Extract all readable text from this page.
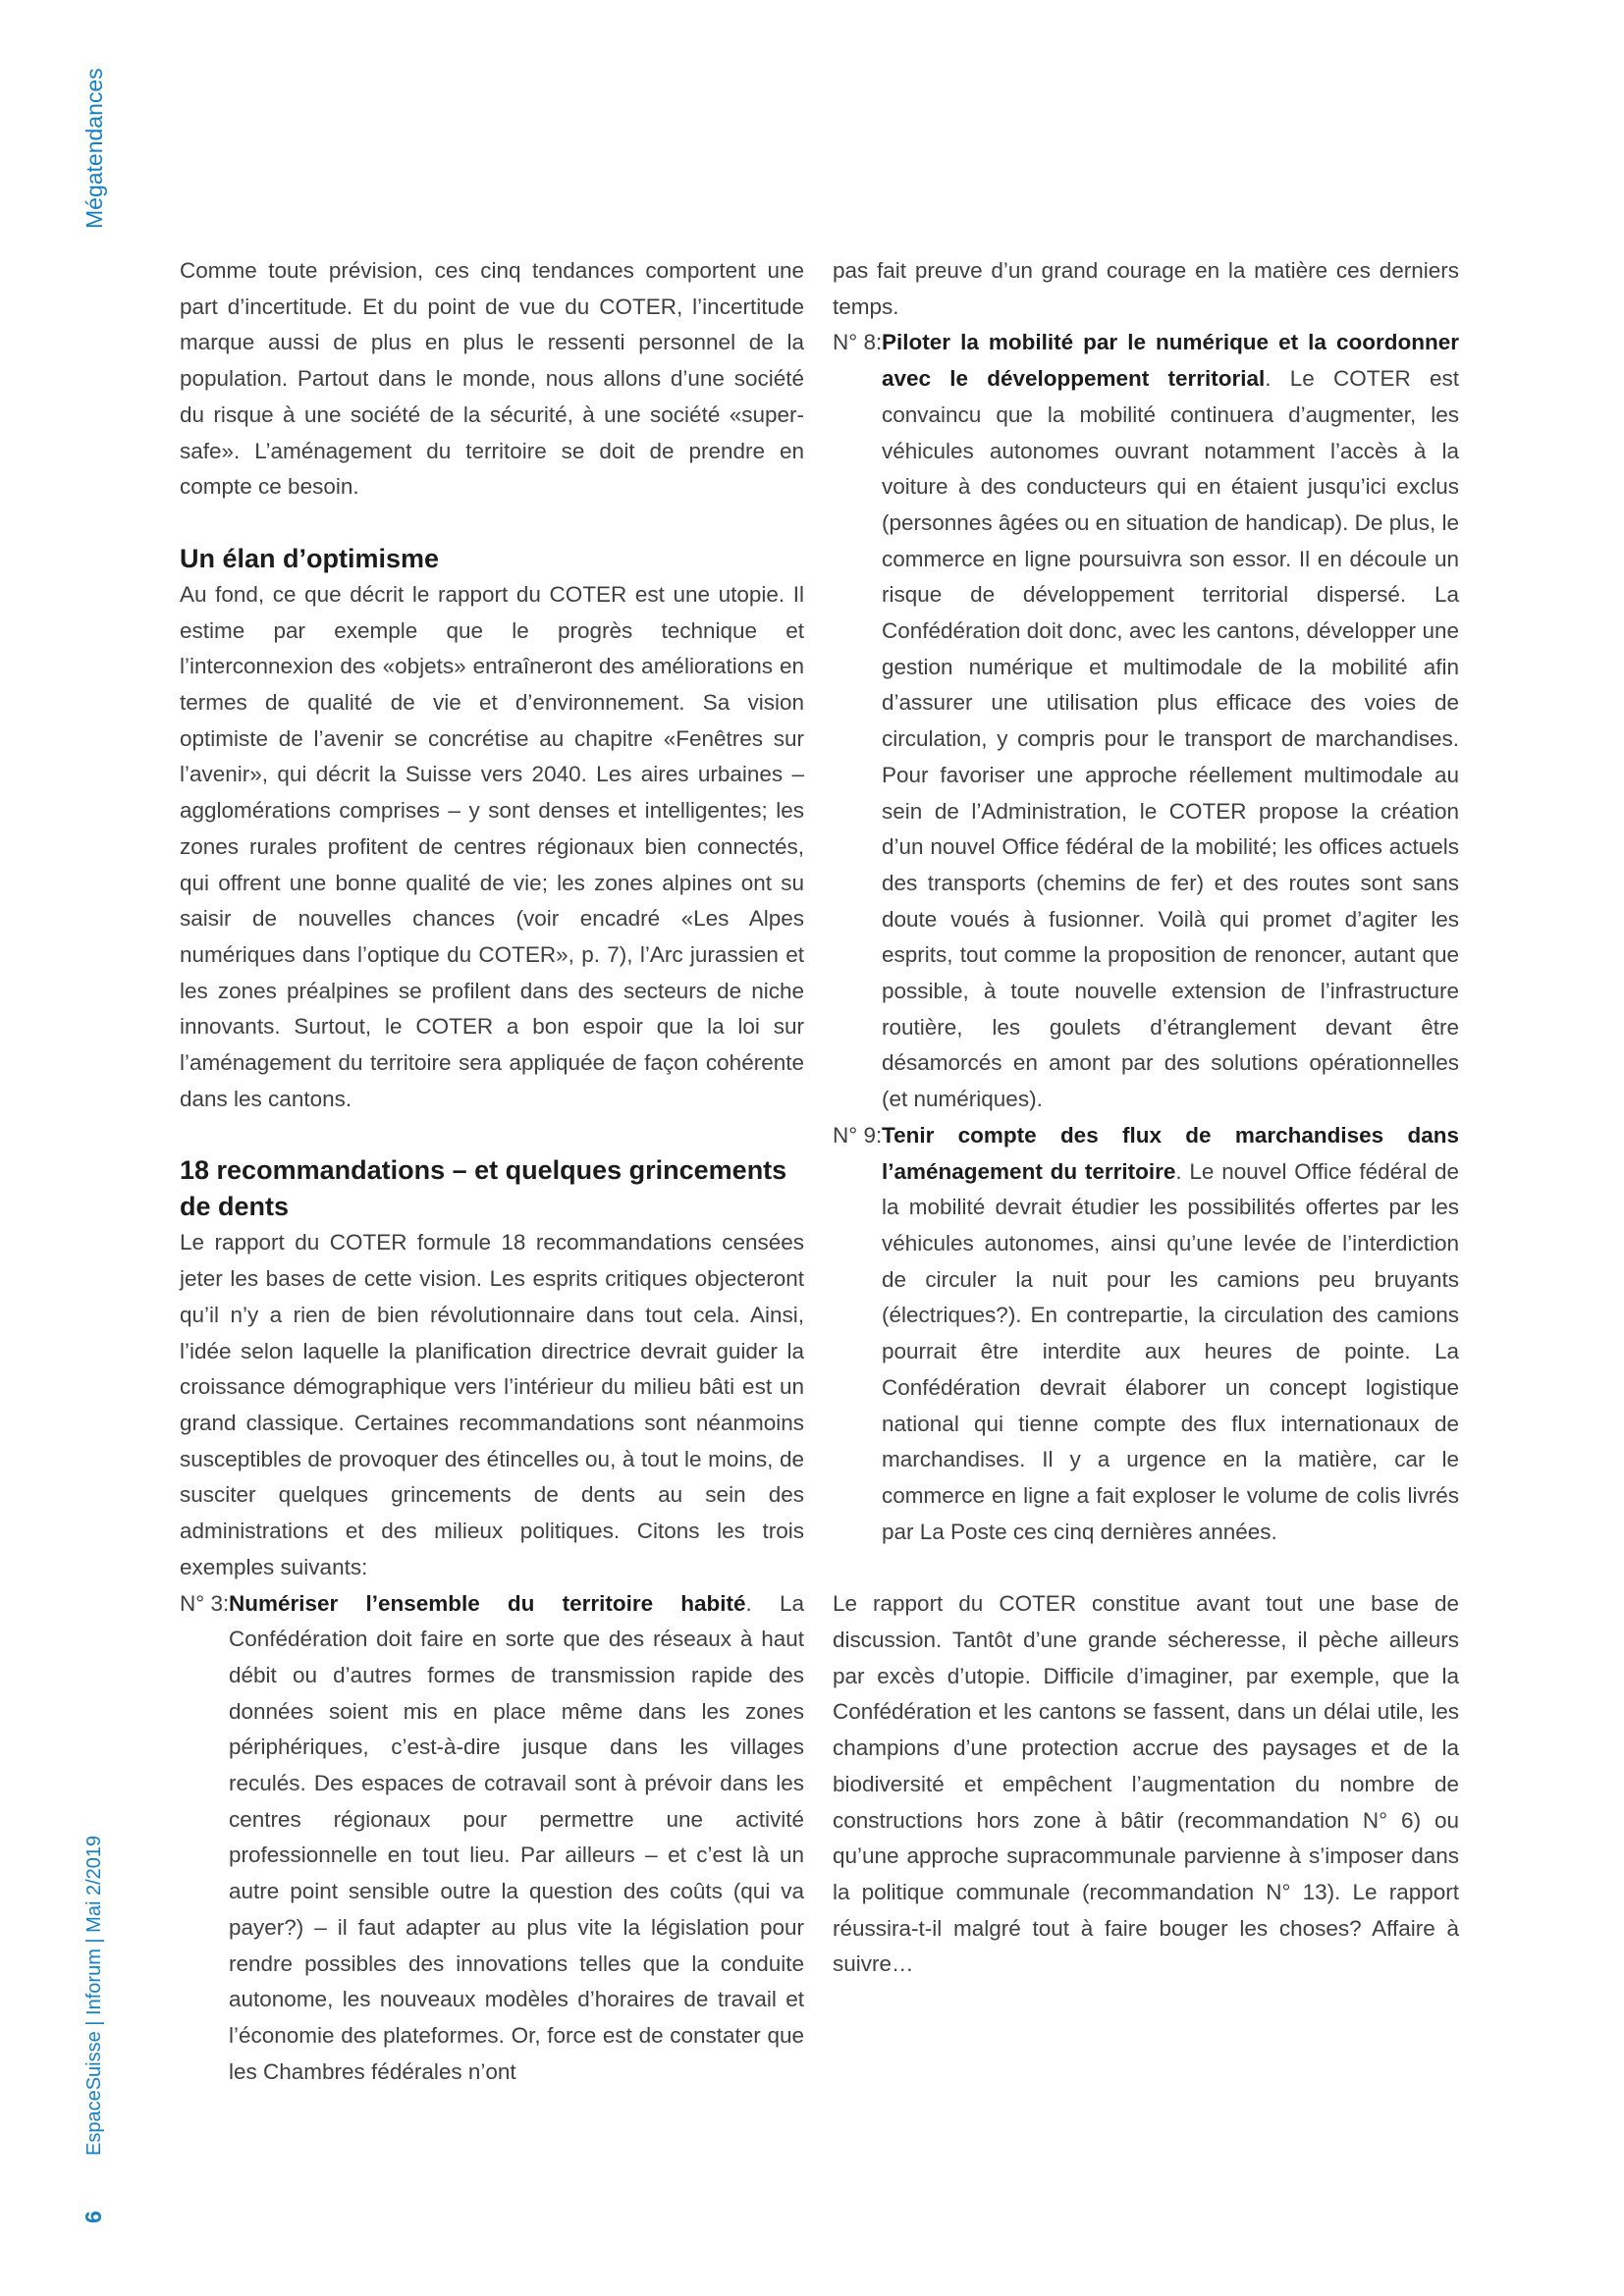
Mégatendances
EspaceSuisse | Inforum | Mai 2/2019
6

Comme toute prévision, ces cinq tendances comportent une part d’incertitude. Et du point de vue du COTER, l’incertitude marque aussi de plus en plus le ressenti personnel de la population. Partout dans le monde, nous allons d’une société du risque à une société de la sécurité, à une société «super-safe». L’aménagement du territoire se doit de prendre en compte ce besoin.

Un élan d’optimisme

Au fond, ce que décrit le rapport du COTER est une utopie. Il estime par exemple que le progrès technique et l’interconnexion des «objets» entraîneront des améliorations en termes de qualité de vie et d’environnement. Sa vision optimiste de l’avenir se concrétise au chapitre «Fenêtres sur l’avenir», qui décrit la Suisse vers 2040. Les aires urbaines – agglomérations comprises – y sont denses et intelligentes; les zones rurales profitent de centres régionaux bien connectés, qui offrent une bonne qualité de vie; les zones alpines ont su saisir de nouvelles chances (voir encadré «Les Alpes numériques dans l’optique du COTER», p. 7), l’Arc jurassien et les zones préalpines se profilent dans des secteurs de niche innovants. Surtout, le COTER a bon espoir que la loi sur l’aménagement du territoire sera appliquée de façon cohérente dans les cantons.

18 recommandations – et quelques grincements de dents

Le rapport du COTER formule 18 recommandations censées jeter les bases de cette vision. Les esprits critiques objecteront qu’il n’y a rien de bien révolutionnaire dans tout cela. Ainsi, l’idée selon laquelle la planification directrice devrait guider la croissance démographique vers l’intérieur du milieu bâti est un grand classique. Certaines recommandations sont néanmoins susceptibles de provoquer des étincelles ou, à tout le moins, de susciter quelques grincements de dents au sein des administrations et des milieux politiques. Citons les trois exemples suivants:

N° 3: Numériser l’ensemble du territoire habité. La Confédération doit faire en sorte que des réseaux à haut débit ou d’autres formes de transmission rapide des données soient mis en place même dans les zones périphériques, c’est-à-dire jusque dans les villages reculés. Des espaces de cotravail sont à prévoir dans les centres régionaux pour permettre une activité professionnelle en tout lieu. Par ailleurs – et c’est là un autre point sensible outre la question des coûts (qui va payer?) – il faut adapter au plus vite la législation pour rendre possibles des innovations telles que la conduite autonome, les nouveaux modèles d’horaires de travail et l’économie des plateformes. Or, force est de constater que les Chambres fédérales n’ont

pas fait preuve d’un grand courage en la matière ces derniers temps.

N° 8: Piloter la mobilité par le numérique et la coordonner avec le développement territorial. Le COTER est convaincu que la mobilité continuera d’augmenter, les véhicules autonomes ouvrant notamment l’accès à la voiture à des conducteurs qui en étaient jusqu’ici exclus (personnes âgées ou en situation de handicap). De plus, le commerce en ligne poursuivra son essor. Il en découle un risque de développement territorial dispersé. La Confédération doit donc, avec les cantons, développer une gestion numérique et multimodale de la mobilité afin d’assurer une utilisation plus efficace des voies de circulation, y compris pour le transport de marchandises. Pour favoriser une approche réellement multimodale au sein de l’Administration, le COTER propose la création d’un nouvel Office fédéral de la mobilité; les offices actuels des transports (chemins de fer) et des routes sont sans doute voués à fusionner. Voilà qui promet d’agiter les esprits, tout comme la proposition de renoncer, autant que possible, à toute nouvelle extension de l’infrastructure routière, les goulets d’étranglement devant être désamorcés en amont par des solutions opérationnelles (et numériques).

N° 9: Tenir compte des flux de marchandises dans l’aménagement du territoire. Le nouvel Office fédéral de la mobilité devrait étudier les possibilités offertes par les véhicules autonomes, ainsi qu’une levée de l’interdiction de circuler la nuit pour les camions peu bruyants (électriques?). En contrepartie, la circulation des camions pourrait être interdite aux heures de pointe. La Confédération devrait élaborer un concept logistique national qui tienne compte des flux internationaux de marchandises. Il y a urgence en la matière, car le commerce en ligne a fait exploser le volume de colis livrés par La Poste ces cinq dernières années.

Le rapport du COTER constitue avant tout une base de discussion. Tantôt d’une grande sécheresse, il pèche ailleurs par excès d’utopie. Difficile d’imaginer, par exemple, que la Confédération et les cantons se fassent, dans un délai utile, les champions d’une protection accrue des paysages et de la biodiversité et empêchent l’augmentation du nombre de constructions hors zone à bâtir (recommandation N° 6) ou qu’une approche supracommunale parvienne à s’imposer dans la politique communale (recommandation N° 13). Le rapport réussira-t-il malgré tout à faire bouger les choses? Affaire à suivre…
